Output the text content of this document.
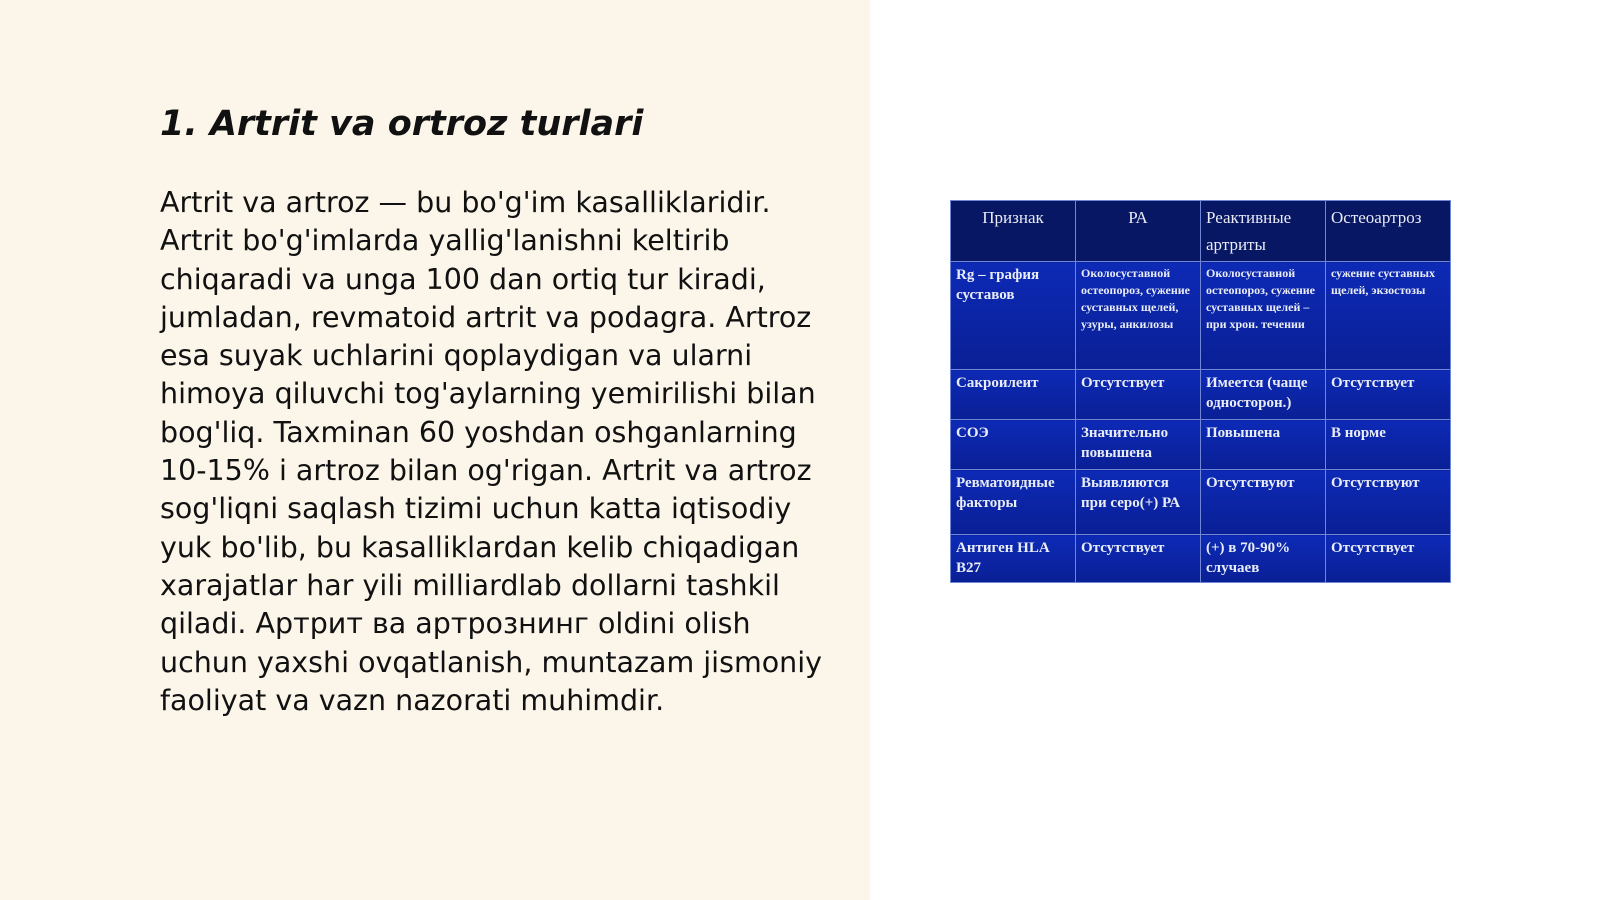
1. Artrit va ortroz turlari

Artrit va artroz — bu bo'g'im kasalliklaridir. Artrit bo'g'imlarda yallig'lanishni keltirib chiqaradi va unga 100 dan ortiq tur kiradi, jumladan, revmatoid artrit va podagra. Artroz esa suyak uchlarini qoplaydigan va ularni himoya qiluvchi tog'aylarning yemirilishi bilan bog'liq. Taxminan 60 yoshdan oshganlarning 10-15% i artroz bilan og'rigan. Artrit va artroz sog'liqni saqlash tizimi uchun katta iqtisodiy yuk bo'lib, bu kasalliklardan kelib chiqadigan xarajatlar har yili milliardlab dollarni tashkil qiladi. Артрит ва артрознинг oldini olish uchun yaxshi ovqatlanish, muntazam jismoniy faoliyat va vazn nazorati muhimdir.

Признак	РА	Реактивные артриты	Остеоартроз
Rg – графия суставов	Околосуставной остеопороз, сужение суставных щелей, узуры, анкилозы	Околосуставной остеопороз, сужение суставных щелей – при хрон. течении	сужение суставных щелей, экзостозы
Сакроилеит	Отсутствует	Имеется (чаще односторон.)	Отсутствует
СОЭ	Значительно повышена	Повышена	В норме
Ревматоидные факторы	Выявляются при серо(+) РА	Отсутствуют	Отсутствуют
Антиген HLA B27	Отсутствует	(+) в 70-90% случаев	Отсутствует
